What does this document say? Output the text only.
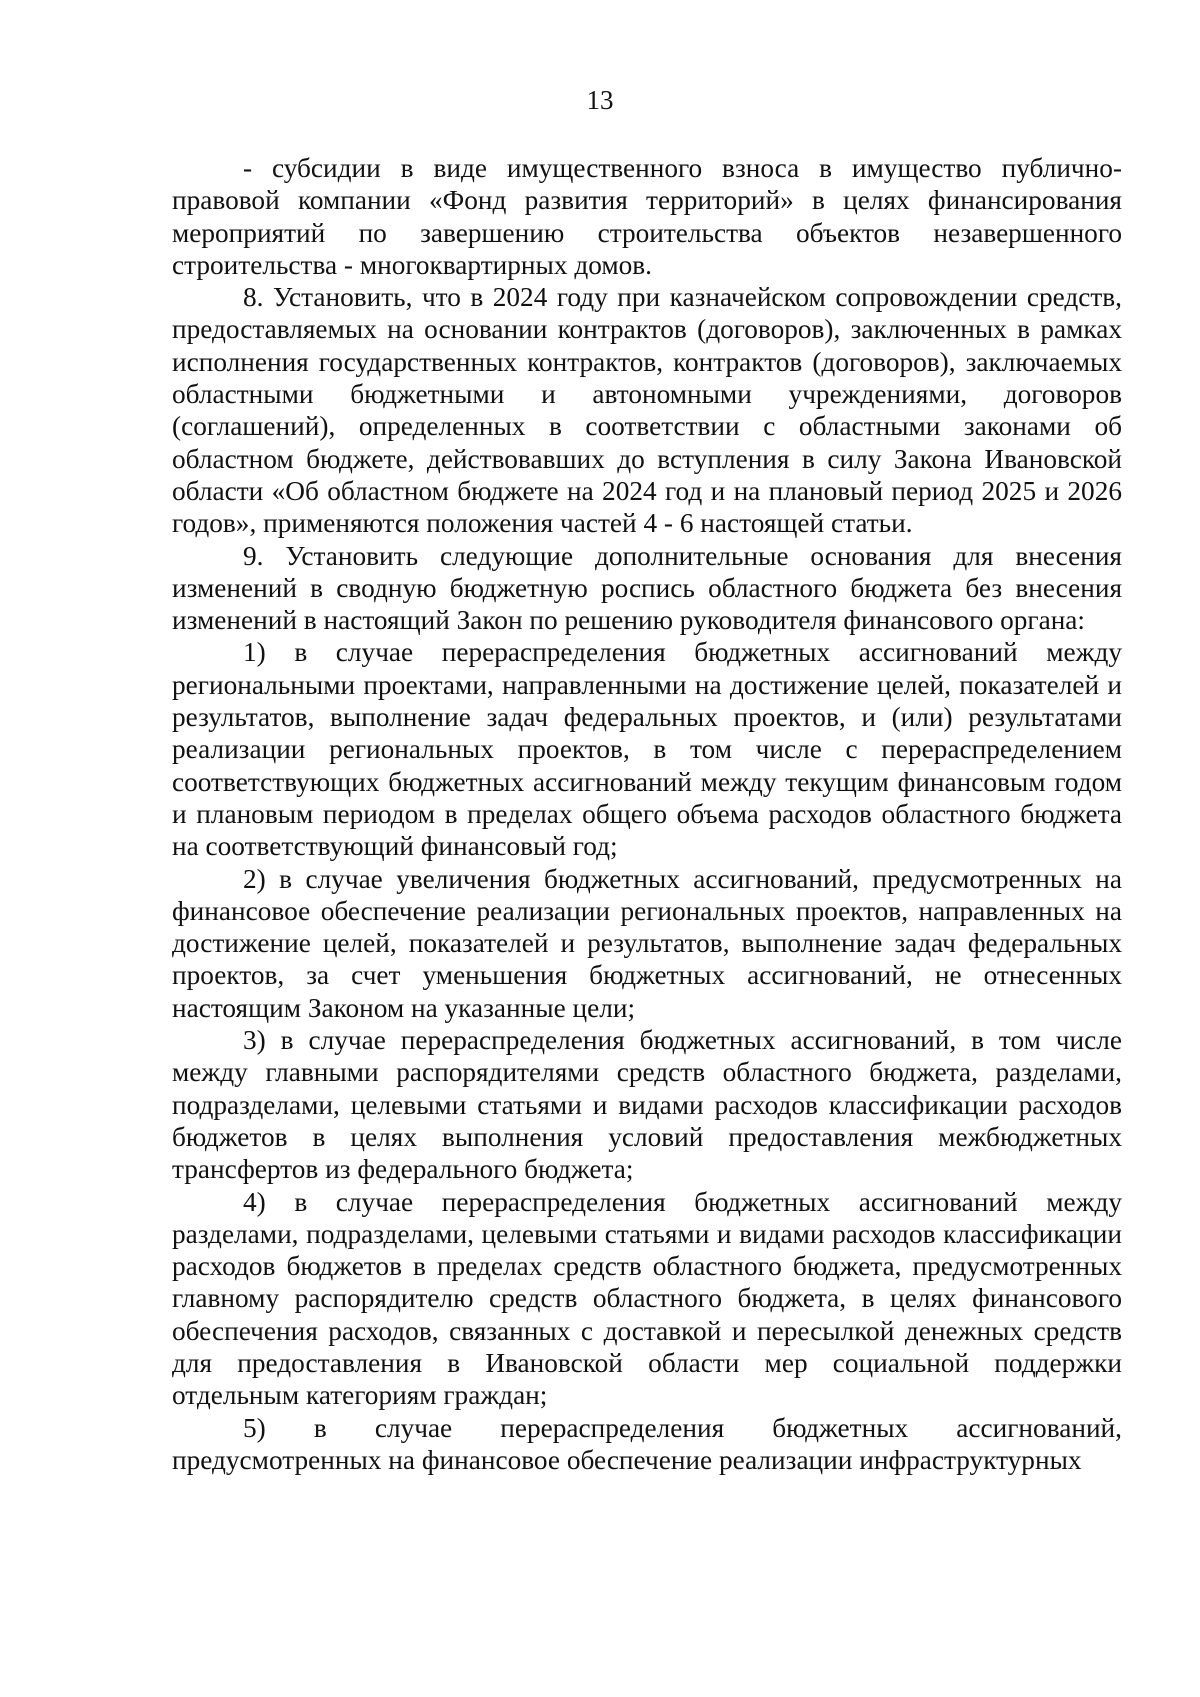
13

- субсидии в виде имущественного взноса в имущество публично-правовой компании «Фонд развития территорий» в целях финансирования мероприятий по завершению строительства объектов незавершенного строительства - многоквартирных домов.

8. Установить, что в 2024 году при казначейском сопровождении средств, предоставляемых на основании контрактов (договоров), заключенных в рамках исполнения государственных контрактов, контрактов (договоров), заключаемых областными бюджетными и автономными учреждениями, договоров (соглашений), определенных в соответствии с областными законами об областном бюджете, действовавших до вступления в силу Закона Ивановской области «Об областном бюджете на 2024 год и на плановый период 2025 и 2026 годов», применяются положения частей 4 - 6 настоящей статьи.

9. Установить следующие дополнительные основания для внесения изменений в сводную бюджетную роспись областного бюджета без внесения изменений в настоящий Закон по решению руководителя финансового органа:

1) в случае перераспределения бюджетных ассигнований между региональными проектами, направленными на достижение целей, показателей и результатов, выполнение задач федеральных проектов, и (или) результатами реализации региональных проектов, в том числе с перераспределением соответствующих бюджетных ассигнований между текущим финансовым годом и плановым периодом в пределах общего объема расходов областного бюджета на соответствующий финансовый год;

2) в случае увеличения бюджетных ассигнований, предусмотренных на финансовое обеспечение реализации региональных проектов, направленных на достижение целей, показателей и результатов, выполнение задач федеральных проектов, за счет уменьшения бюджетных ассигнований, не отнесенных настоящим Законом на указанные цели;

3) в случае перераспределения бюджетных ассигнований, в том числе между главными распорядителями средств областного бюджета, разделами, подразделами, целевыми статьями и видами расходов классификации расходов бюджетов в целях выполнения условий предоставления межбюджетных трансфертов из федерального бюджета;

4) в случае перераспределения бюджетных ассигнований между разделами, подразделами, целевыми статьями и видами расходов классификации расходов бюджетов в пределах средств областного бюджета, предусмотренных главному распорядителю средств областного бюджета, в целях финансового обеспечения расходов, связанных с доставкой и пересылкой денежных средств для предоставления в Ивановской области мер социальной поддержки отдельным категориям граждан;

5) в случае перераспределения бюджетных ассигнований, предусмотренных на финансовое обеспечение реализации инфраструктурных
